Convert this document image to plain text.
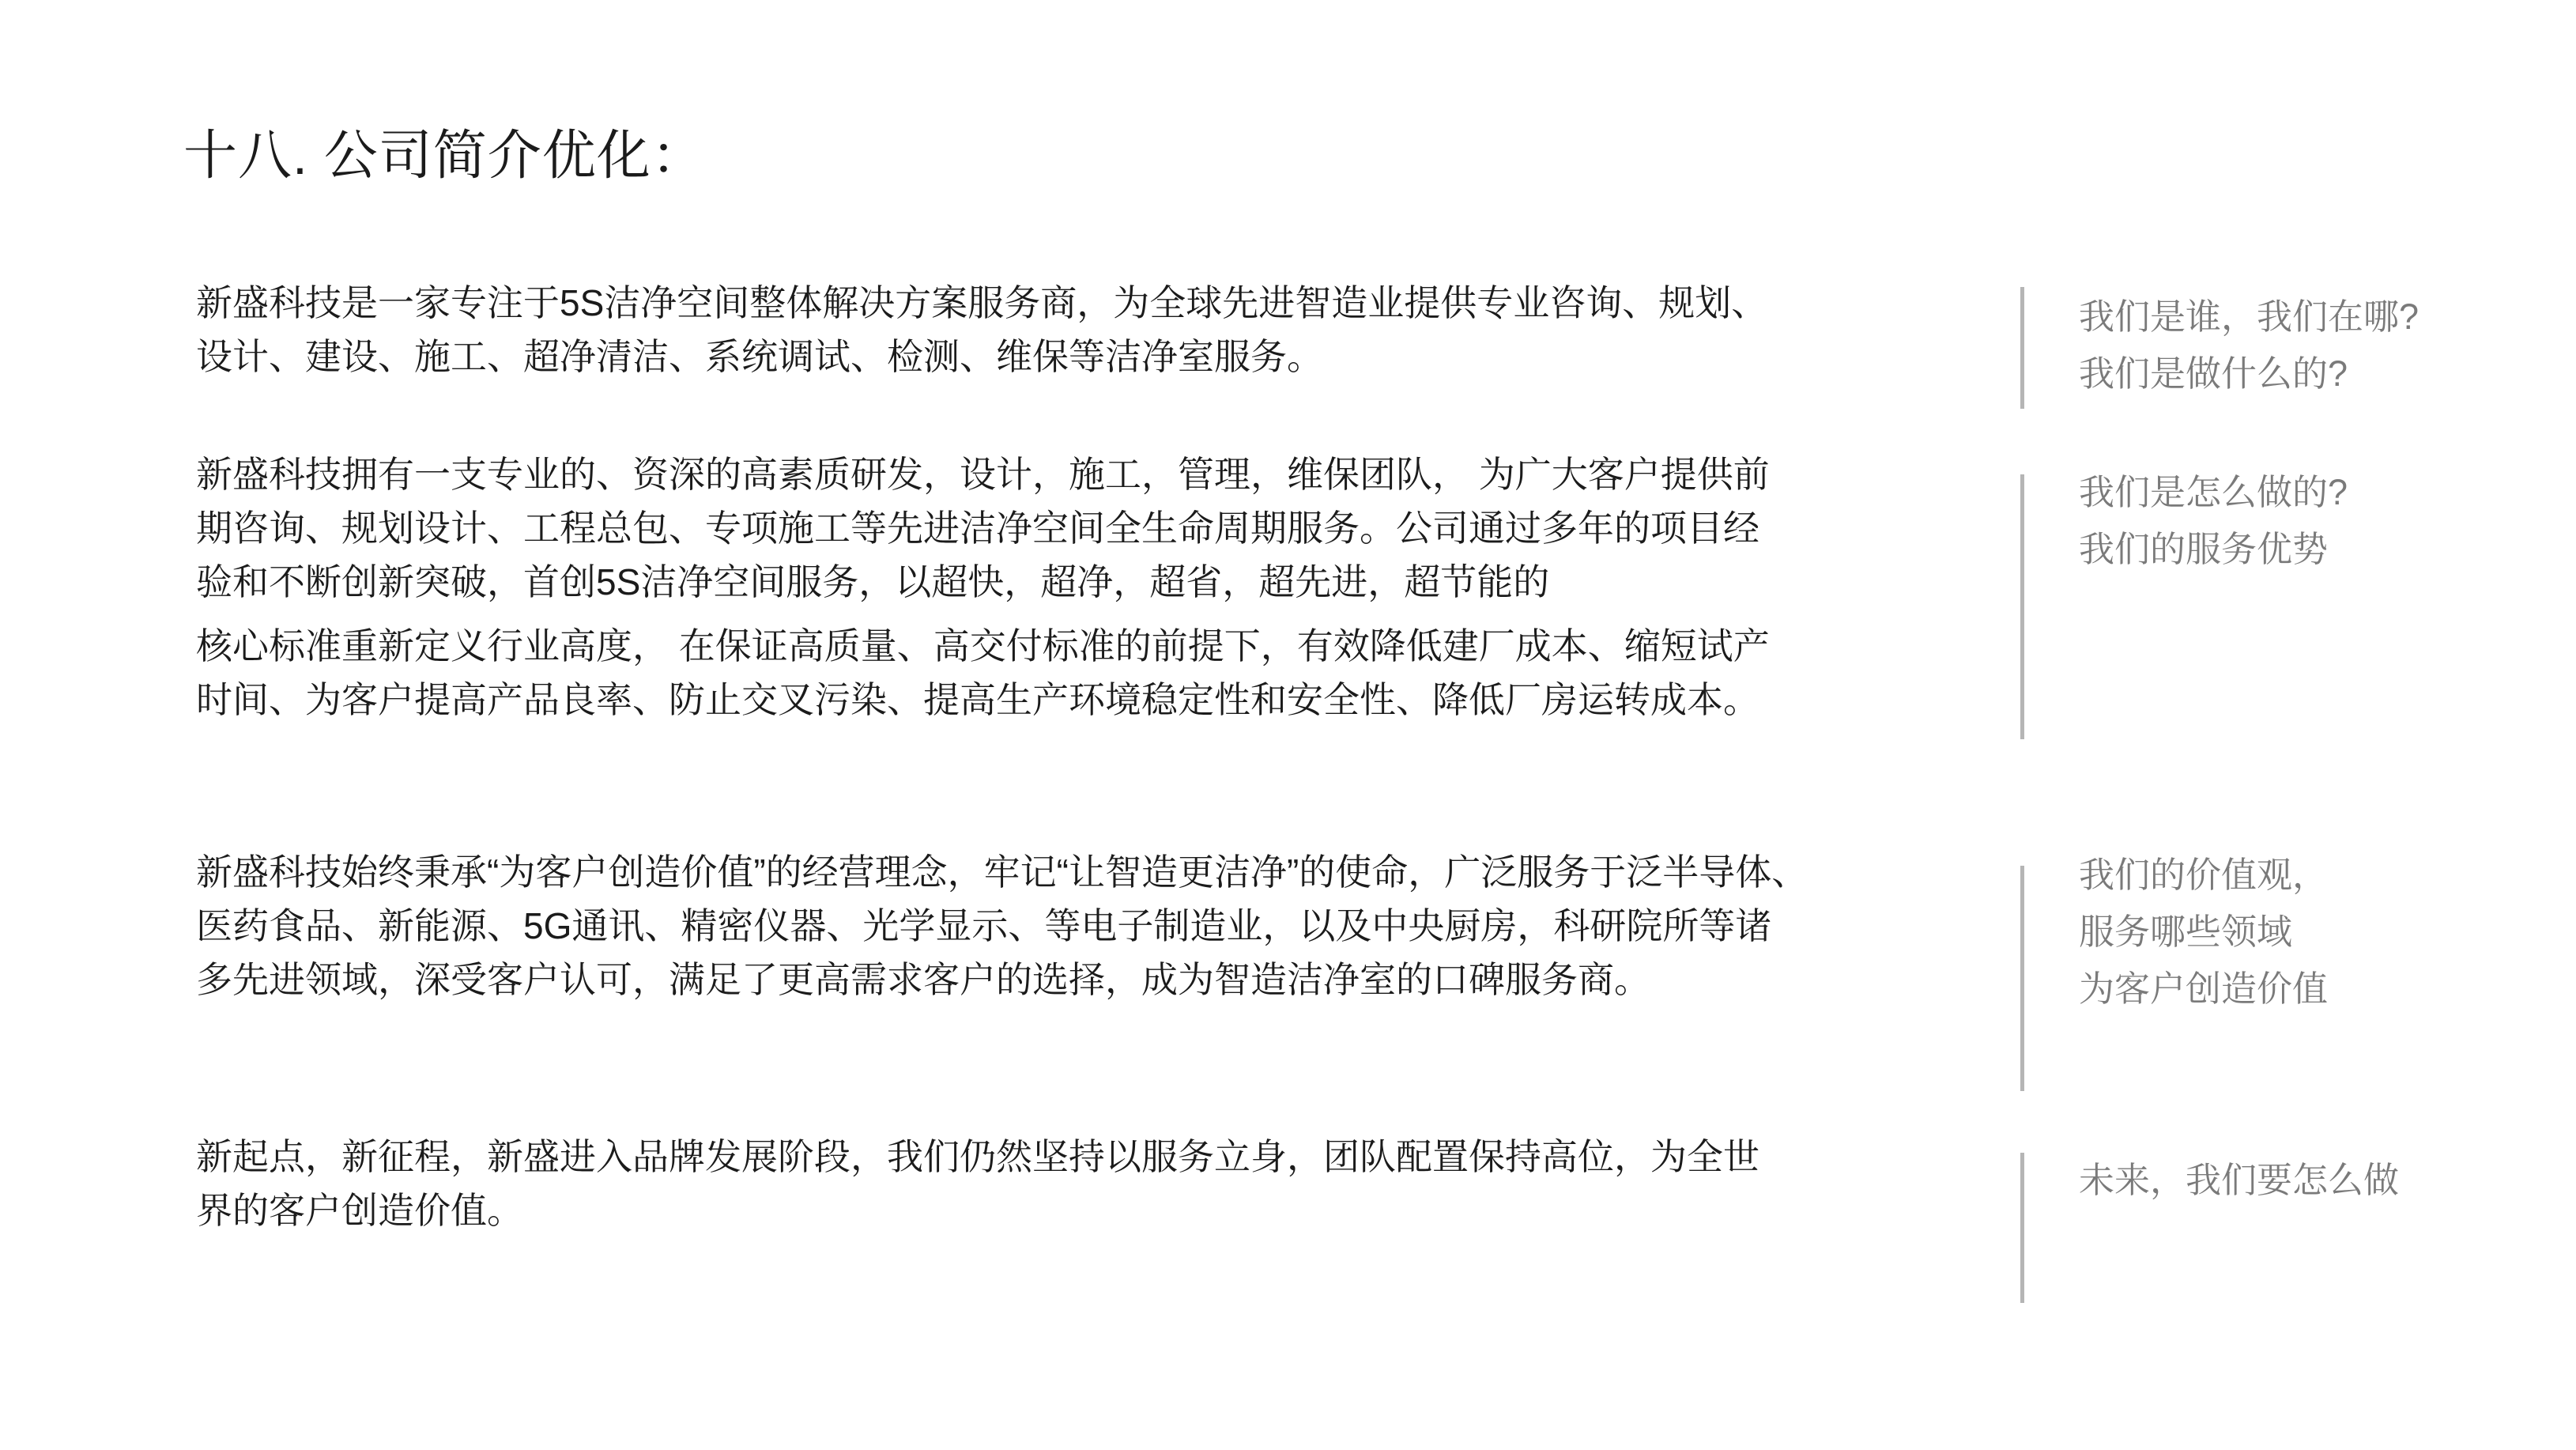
十八. 公司简介优化：
新盛科技是一家专注于5S洁净空间整体解决方案服务商，为全球先进智造业提供专业咨询、规划、
设计、建设、施工、超净清洁、系统调试、检测、维保等洁净室服务。
新盛科技拥有一支专业的、资深的高素质研发，设计，施工，管理，维保团队， 为广大客户提供前
期咨询、规划设计、工程总包、专项施工等先进洁净空间全生命周期服务。公司通过多年的项目经
验和不断创新突破，首创5S洁净空间服务，以超快，超净，超省，超先进，超节能的
核心标准重新定义行业高度， 在保证高质量、高交付标准的前提下，有效降低建厂成本、缩短试产
时间、为客户提高产品良率、防止交叉污染、提高生产环境稳定性和安全性、降低厂房运转成本。
新盛科技始终秉承“为客户创造价值”的经营理念，牢记“让智造更洁净”的使命，广泛服务于泛半导体、
医药食品、新能源、5G通讯、精密仪器、光学显示、等电子制造业，以及中央厨房，科研院所等诸
多先进领域，深受客户认可，满足了更高需求客户的选择，成为智造洁净室的口碑服务商。
新起点，新征程，新盛进入品牌发展阶段，我们仍然坚持以服务立身，团队配置保持高位，为全世
界的客户创造价值。
我们是谁，我们在哪?
我们是做什么的?
我们是怎么做的?
我们的服务优势
我们的价值观，
服务哪些领域
为客户创造价值
未来，我们要怎么做
